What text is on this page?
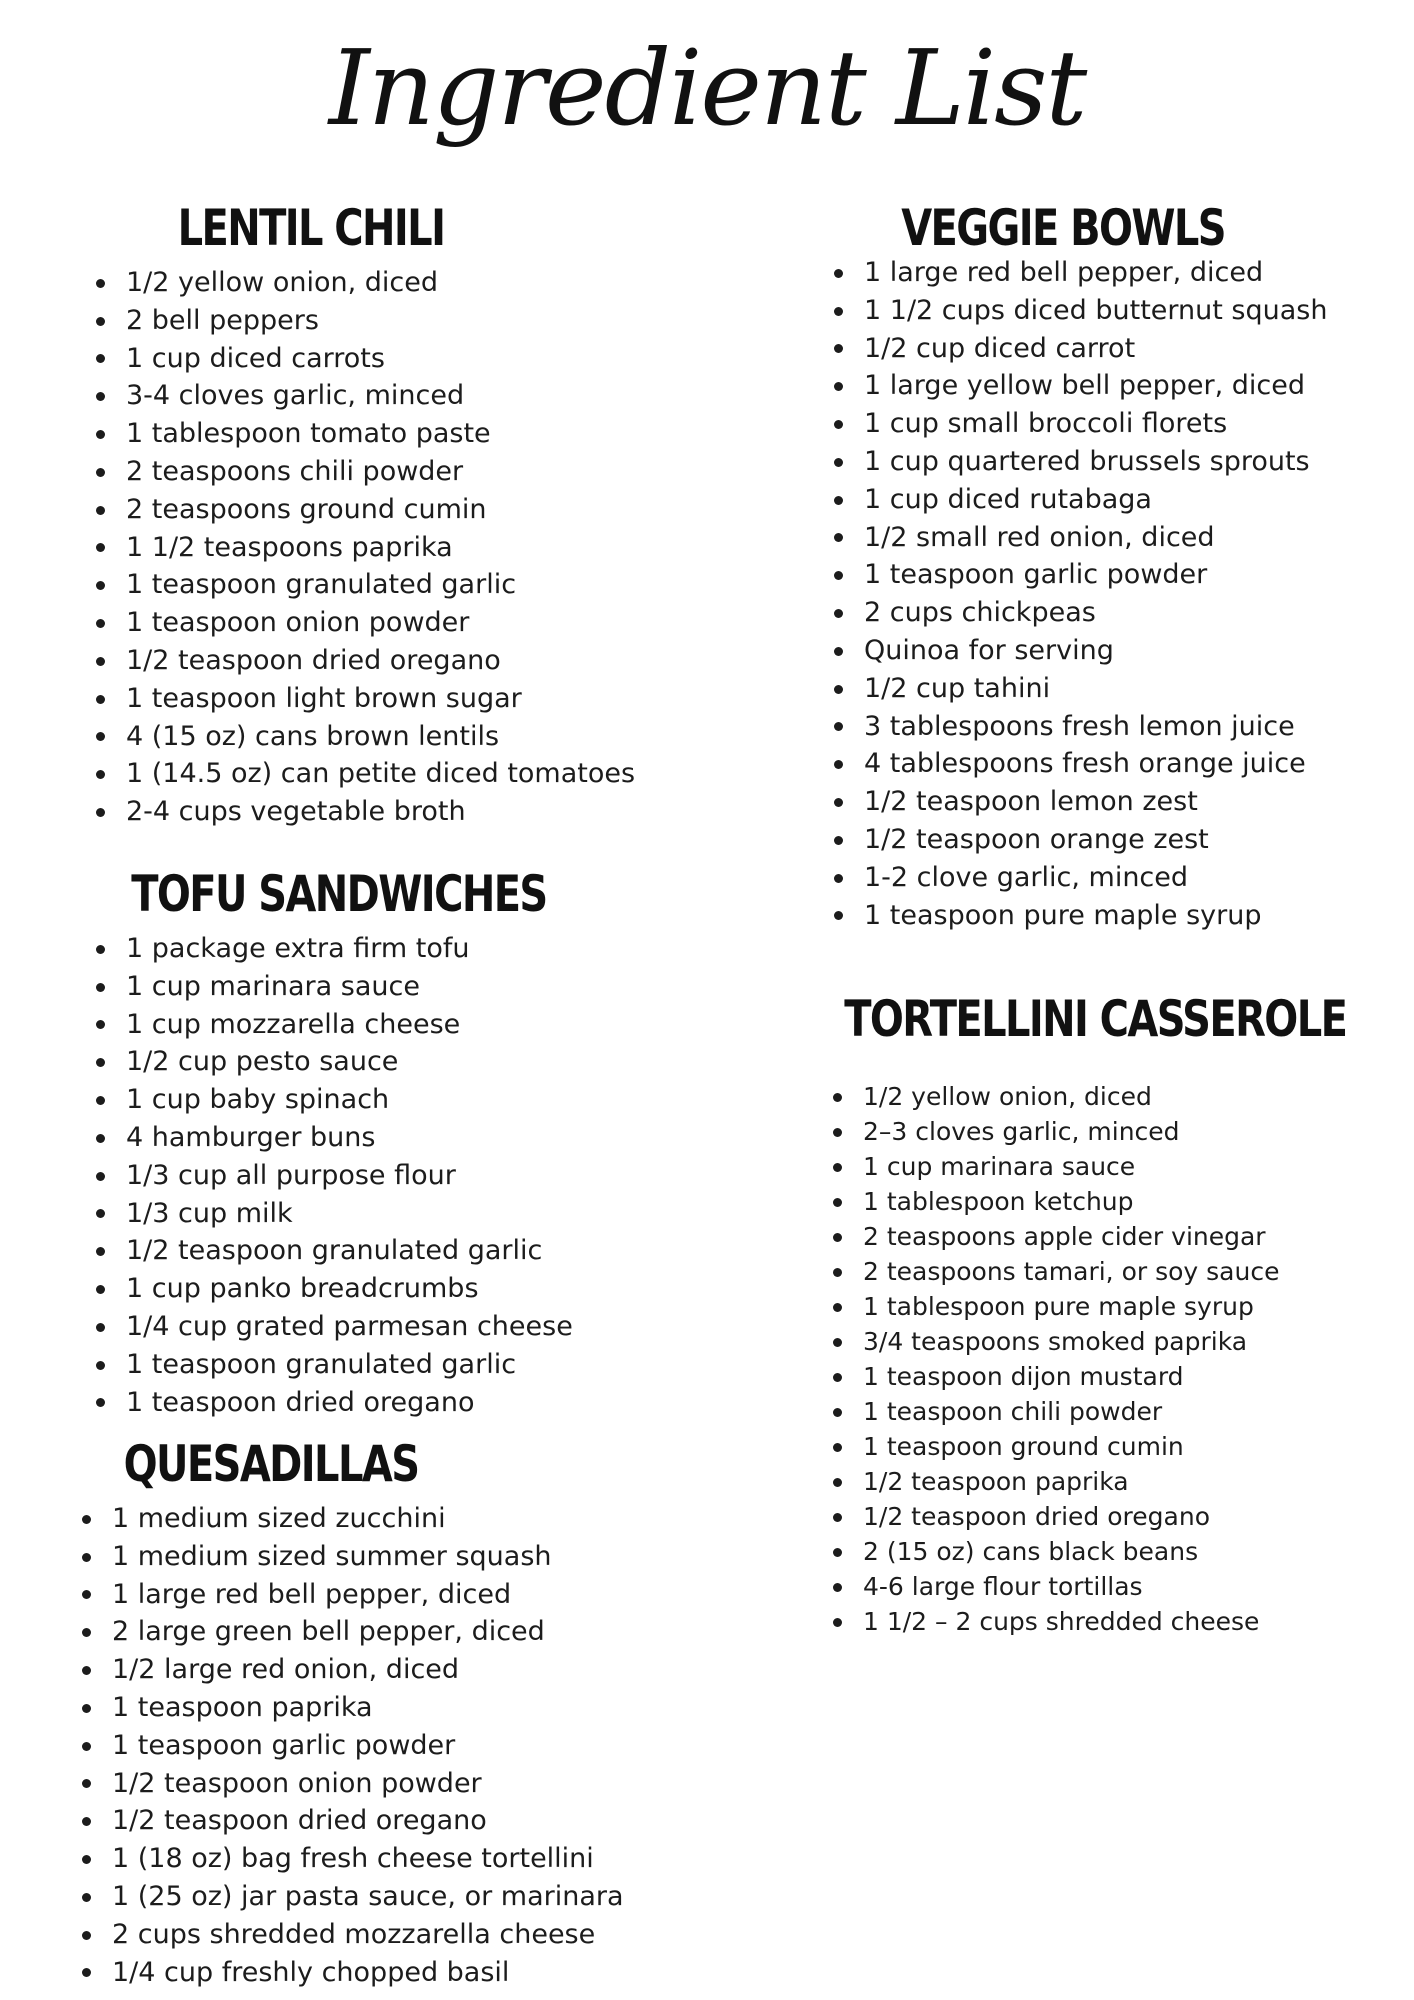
Ingredient List
LENTIL CHILI
1/2 yellow onion, diced
2 bell peppers
1 cup diced carrots
3-4 cloves garlic, minced
1 tablespoon tomato paste
2 teaspoons chili powder
2 teaspoons ground cumin
1 1/2 teaspoons paprika
1 teaspoon granulated garlic
1 teaspoon onion powder
1/2 teaspoon dried oregano
1 teaspoon light brown sugar
4 (15 oz) cans brown lentils
1 (14.5 oz) can petite diced tomatoes
2-4 cups vegetable broth
TOFU SANDWICHES
1 package extra firm tofu
1 cup marinara sauce
1 cup mozzarella cheese
1/2 cup pesto sauce
1 cup baby spinach
4 hamburger buns
1/3 cup all purpose flour
1/3 cup milk
1/2 teaspoon granulated garlic
1 cup panko breadcrumbs
1/4 cup grated parmesan cheese
1 teaspoon granulated garlic
1 teaspoon dried oregano
QUESADILLAS
1 medium sized zucchini
1 medium sized summer squash
1 large red bell pepper, diced
2 large green bell pepper, diced
1/2 large red onion, diced
1 teaspoon paprika
1 teaspoon garlic powder
1/2 teaspoon onion powder
1/2 teaspoon dried oregano
1 (18 oz) bag fresh cheese tortellini
1 (25 oz) jar pasta sauce, or marinara
2 cups shredded mozzarella cheese
1/4 cup freshly chopped basil
VEGGIE BOWLS
1 large red bell pepper, diced
1 1/2 cups diced butternut squash
1/2 cup diced carrot
1 large yellow bell pepper, diced
1 cup small broccoli florets
1 cup quartered brussels sprouts
1 cup diced rutabaga
1/2 small red onion, diced
1 teaspoon garlic powder
2 cups chickpeas
Quinoa for serving
1/2 cup tahini
3 tablespoons fresh lemon juice
4 tablespoons fresh orange juice
1/2 teaspoon lemon zest
1/2 teaspoon orange zest
1-2 clove garlic, minced
1 teaspoon pure maple syrup
TORTELLINI CASSEROLE
1/2 yellow onion, diced
2–3 cloves garlic, minced
1 cup marinara sauce
1 tablespoon ketchup
2 teaspoons apple cider vinegar
2 teaspoons tamari, or soy sauce
1 tablespoon pure maple syrup
3/4 teaspoons smoked paprika
1 teaspoon dijon mustard
1 teaspoon chili powder
1 teaspoon ground cumin
1/2 teaspoon paprika
1/2 teaspoon dried oregano
2 (15 oz) cans black beans
4-6 large flour tortillas
1 1/2 – 2 cups shredded cheese
